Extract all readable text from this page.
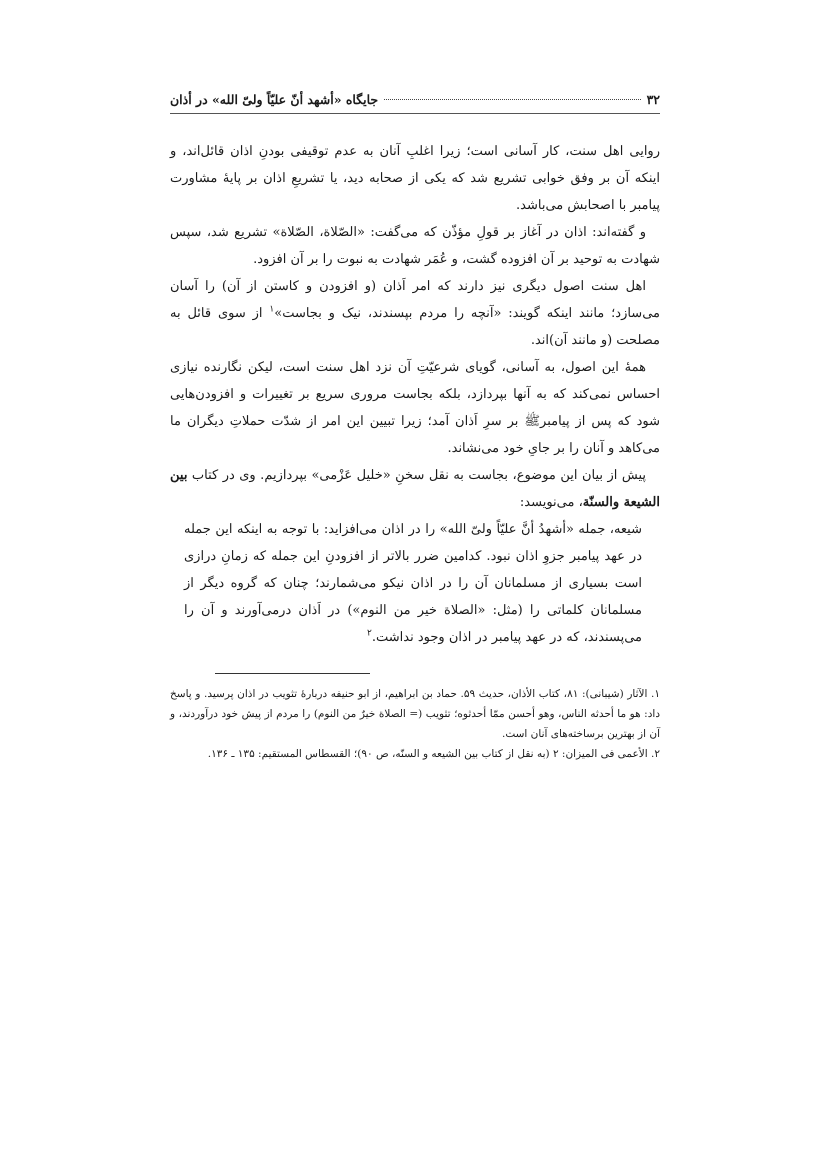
۳۲
جایگاه «أشهد أنّ علیّاً ولیّ الله» در أذان

روایی اهل سنت، کار آسانی است؛ زیرا اغلبِ آنان به عدم توقیفی بودنِ اذان قائل‌اند، و اینکه آن بر وفق خوابی تشریع شد که یکی از صحابه دید، یا تشریعِ اذان بر پایهٔ مشاورت پیامبر با اصحابش می‌باشد.

و گفته‌اند: اذان در آغاز بر قولِ مؤذّن که می‌گفت: «الصّلاة، الصّلاة» تشریع شد، سپس شهادت به توحید بر آن افزوده گشت، و عُمَر شهادت به نبوت را بر آن افزود.

اهل سنت اصول دیگری نیز دارند که امر اَذان (و افزودن و کاستن از آن) را آسان می‌سازد؛ مانند اینکه گویند: «آنچه را مردم بپسندند، نیک و بجاست»$^۱$ از سوی قائل به مصلحت (و مانند آن)اند.

همهٔ این اصول، به آسانی، گویای شرعیّتِ آن نزد اهل سنت است، لیکن نگارنده نیازی احساس نمی‌کند که به آنها بپردازد، بلکه بجاست مروری سریع بر تغییرات و افزودن‌هایی شود که پس از پیامبرﷺ بر سرِ اَذان آمد؛ زیرا تبیین این امر از شدّت حملاتِ دیگران ما می‌کاهد و آنان را بر جایِ خود می‌نشاند.

پیش از بیان این موضوع، بجاست به نقل سخنِ «خلیل عَزْمی» بپردازیم. وی در کتاب بین الشیعة والسنّة، می‌نویسد:

شیعه، جمله «أشهدُ أنَّ علیّاً ولیّ الله» را در اذان می‌افزاید: با توجه به اینکه این جمله در عهد پیامبر جزوِ اذان نبود. کدامین ضرر بالاتر از افزودنِ این جمله که زمانِ درازی است بسیاری از مسلمانان آن را در اذان نیکو می‌شمارند؛ چنان که گروه دیگر از مسلمانان کلماتی را (مثل: «الصلاة خیر من النوم») در اَذان درمی‌آورند و آن را می‌پسندند، که در عهد پیامبر در اذان وجود نداشت.$^۲$

۱. الآثار (شیبانی): ۸۱، کتاب الأذان، حدیث ۵۹. حماد بن ابراهیم، از ابو حنیفه دربارهٔ تثویب در اذان پرسید. و پاسخ داد: هو ما أحدثه الناس، وهو أحسن ممّا أحدثوه؛ تثویب (= الصلاة خیرٌ من النوم) را مردم از پیش خود درآوردند، و آن از بهترین برساخته‌های آنان است.

۲. الأعمی فی المیزان: ۲ (به نقل از کتاب بین الشیعه و السنّه، ص ۹۰)؛ القسطاس المستقیم: ۱۳۵ ـ ۱۳۶.
